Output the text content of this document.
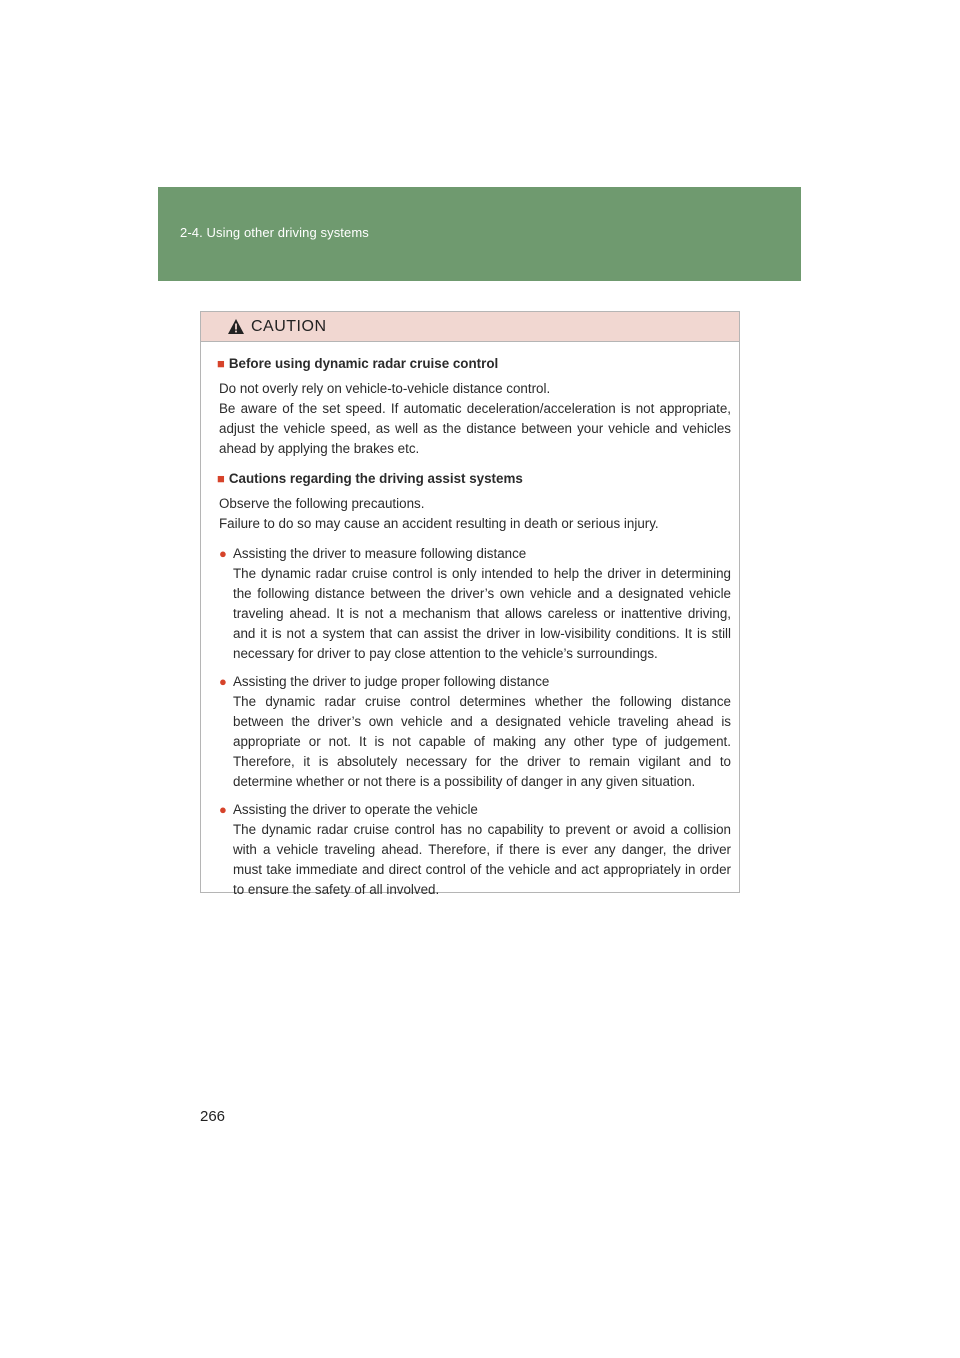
2-4. Using other driving systems
CAUTION
■ Before using dynamic radar cruise control

Do not overly rely on vehicle-to-vehicle distance control.

Be aware of the set speed. If automatic deceleration/acceleration is not appropriate, adjust the vehicle speed, as well as the distance between your vehicle and vehicles ahead by applying the brakes etc.

■ Cautions regarding the driving assist systems

Observe the following precautions.

Failure to do so may cause an accident resulting in death or serious injury.

● Assisting the driver to measure following distance
The dynamic radar cruise control is only intended to help the driver in determining the following distance between the driver’s own vehicle and a designated vehicle traveling ahead. It is not a mechanism that allows careless or inattentive driving, and it is not a system that can assist the driver in low-visibility conditions. It is still necessary for driver to pay close attention to the vehicle’s surroundings.
● Assisting the driver to judge proper following distance
The dynamic radar cruise control determines whether the following distance between the driver’s own vehicle and a designated vehicle traveling ahead is appropriate or not. It is not capable of making any other type of judgement. Therefore, it is absolutely necessary for the driver to remain vigilant and to determine whether or not there is a possibility of danger in any given situation.
● Assisting the driver to operate the vehicle
The dynamic radar cruise control has no capability to prevent or avoid a collision with a vehicle traveling ahead. Therefore, if there is ever any danger, the driver must take immediate and direct control of the vehicle and act appropriately in order to ensure the safety of all involved.
266
